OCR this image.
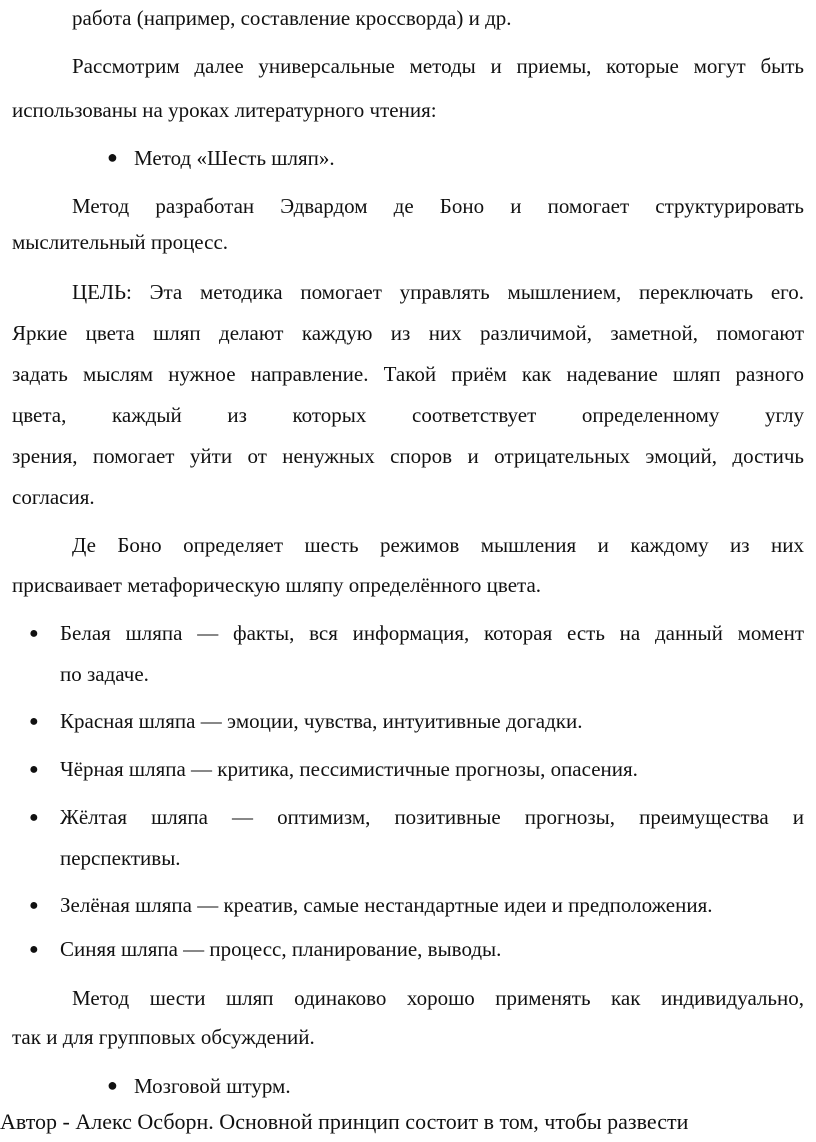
работа (например, составление кроссворда) и др.
Рассмотрим далее универсальные методы и приемы, которые могут быть
использованы на уроках литературного чтения:
● Метод «Шесть шляп».
Метод разработан Эдвардом де Боно и помогает структурировать
мыслительный процесс.
ЦЕЛЬ: Эта методика помогает управлять мышлением, переключать его.
Яркие цвета шляп делают каждую из них различимой, заметной, помогают
задать мыслям нужное направление. Такой приём как надевание шляп разного
цвета, каждый из которых соответствует определенному углу
зрения, помогает уйти от ненужных споров и отрицательных эмоций, достичь
согласия.
Де Боно определяет шесть режимов мышления и каждому из них
присваивает метафорическую шляпу определённого цвета.
● Белая шляпа — факты, вся информация, которая есть на данный момент
по задаче.
● Красная шляпа — эмоции, чувства, интуитивные догадки.
● Чёрная шляпа — критика, пессимистичные прогнозы, опасения.
● Жёлтая шляпа — оптимизм, позитивные прогнозы, преимущества и
перспективы.
● Зелёная шляпа — креатив, самые нестандартные идеи и предположения.
● Синяя шляпа — процесс, планирование, выводы.
Метод шести шляп одинаково хорошо применять как индивидуально,
так и для групповых обсуждений.
● Мозговой штурм.
Автор - Алекс Осборн. Основной принцип состоит в том, чтобы развести
